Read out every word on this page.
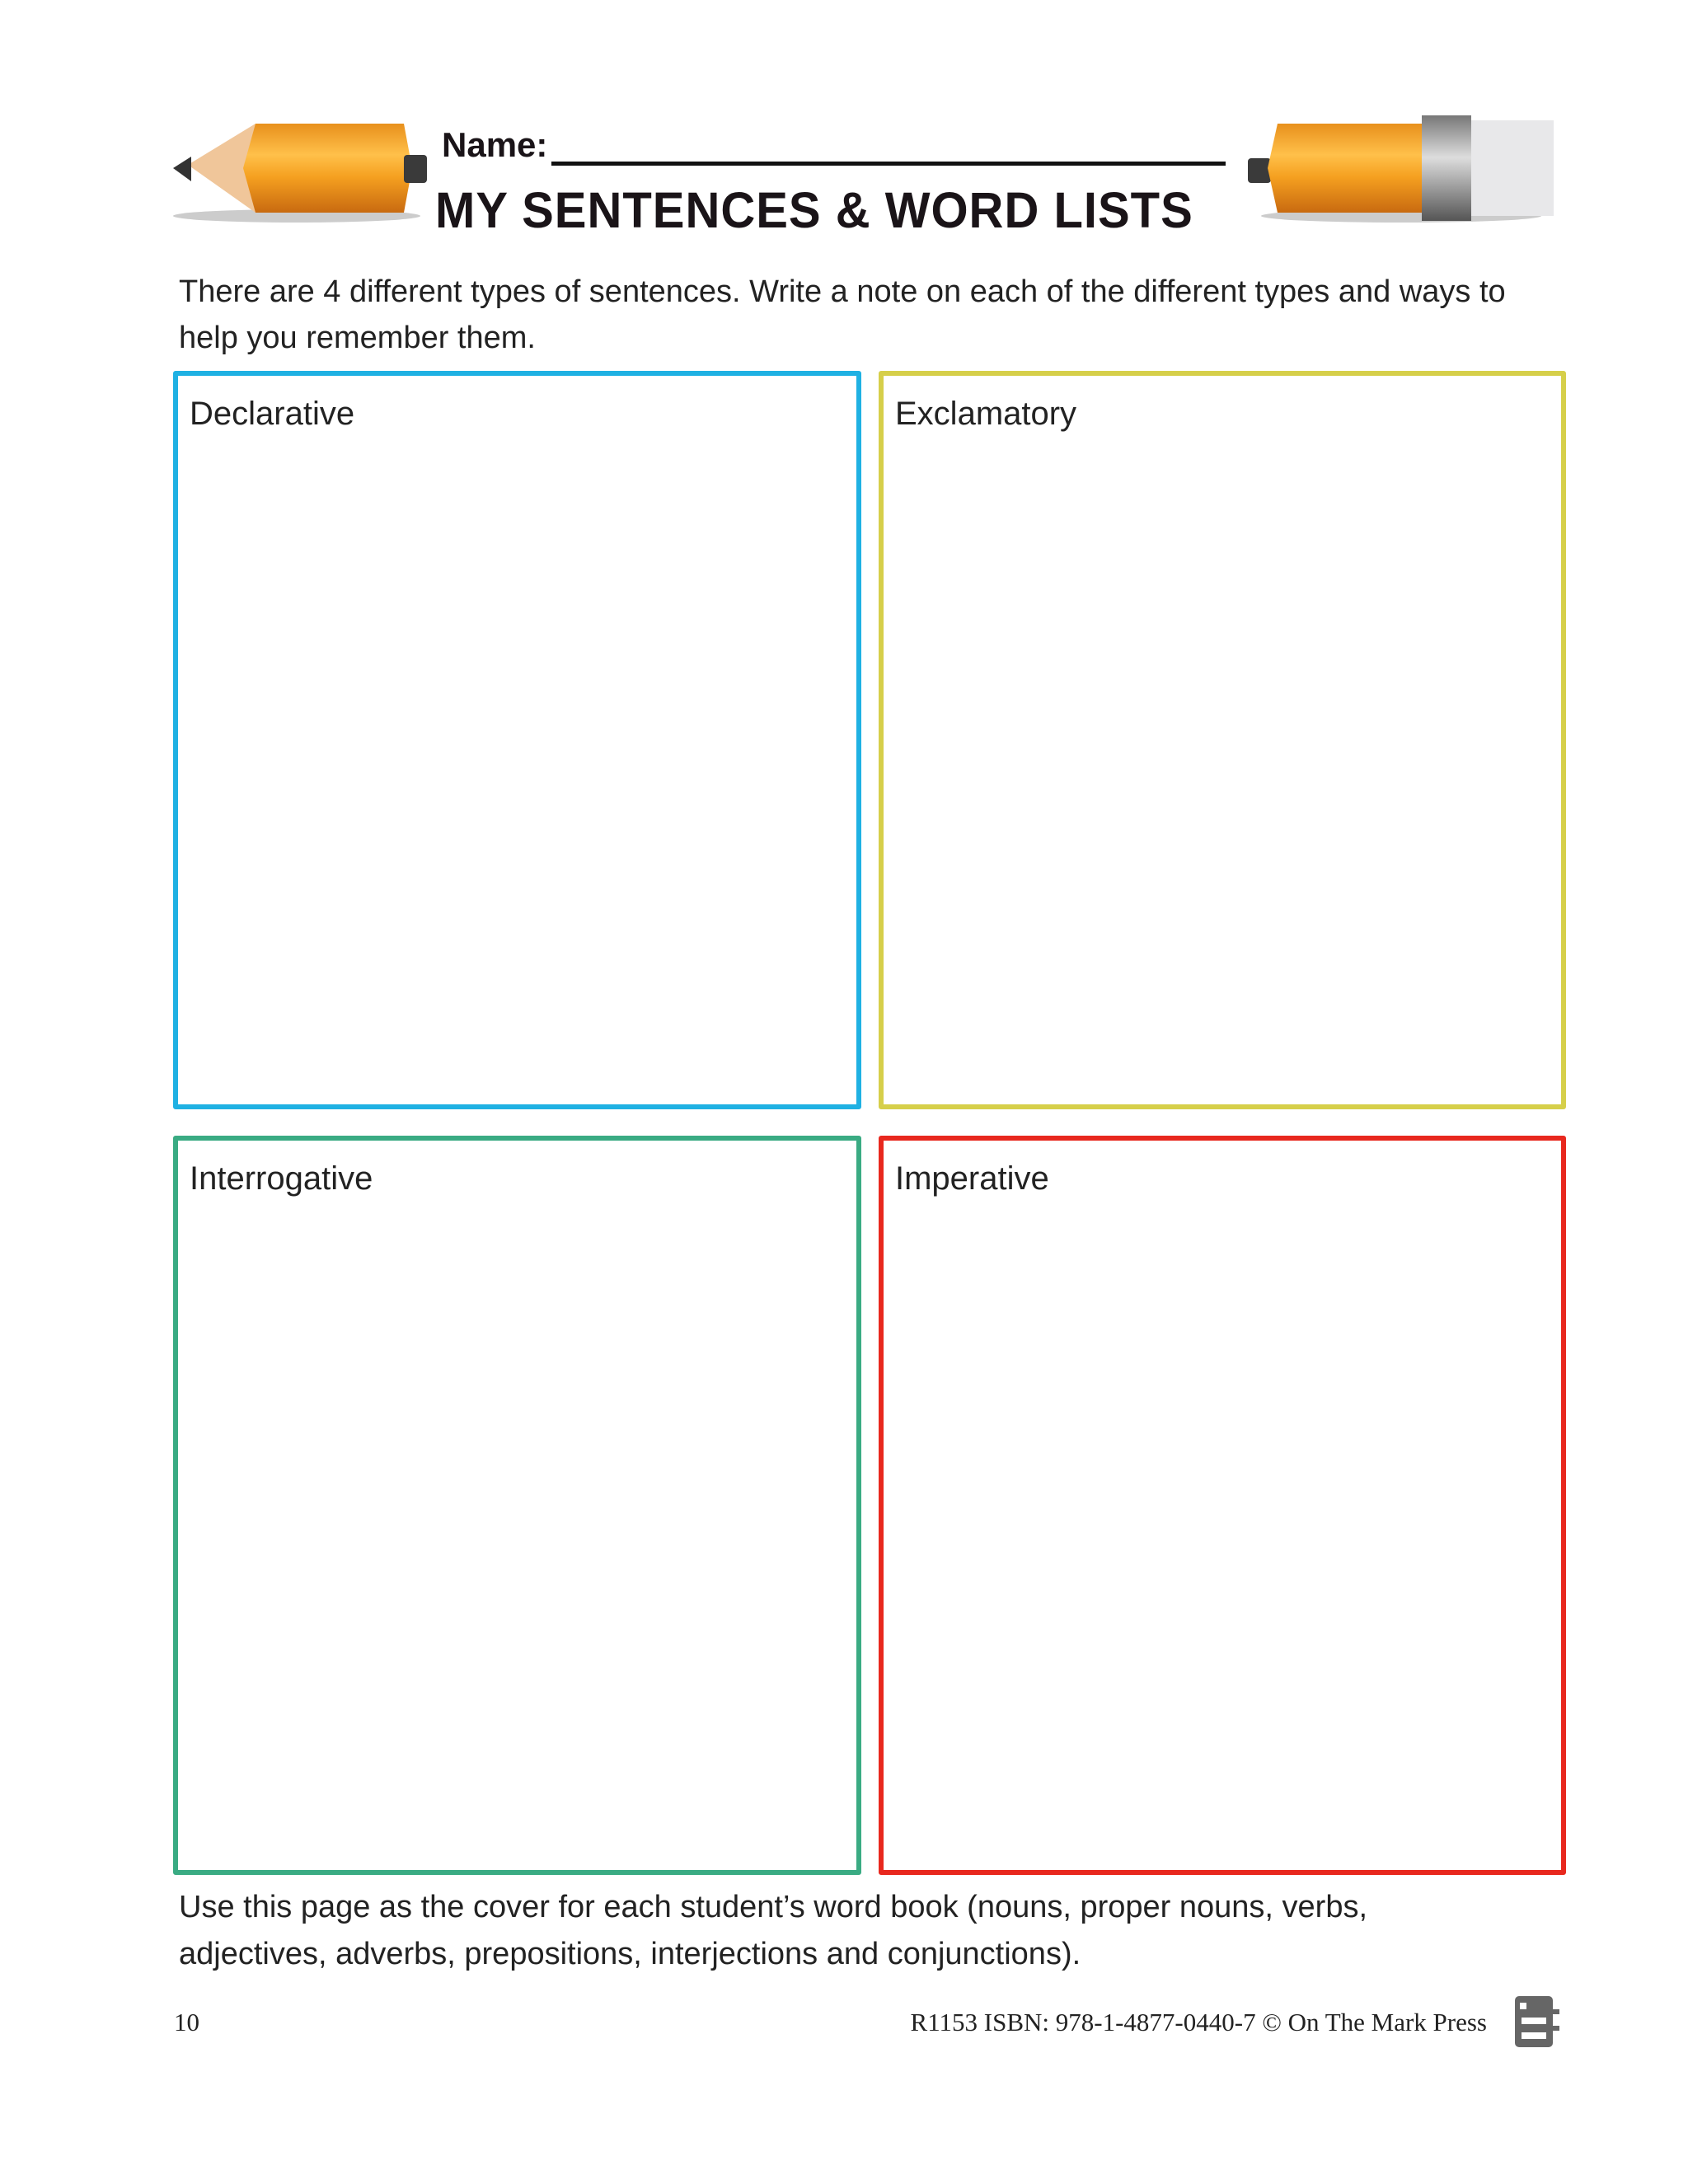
Name:
MY SENTENCES & WORD LISTS
There are 4 different types of sentences. Write a note on each of the different types and ways to
help you remember them.
Declarative	Exclamatory
Interrogative	Imperative
Use this page as the cover for each student’s word book (nouns, proper nouns, verbs,
adjectives, adverbs, prepositions, interjections and conjunctions).
10	R1153 ISBN: 978-1-4877-0440-7 © On The Mark Press
